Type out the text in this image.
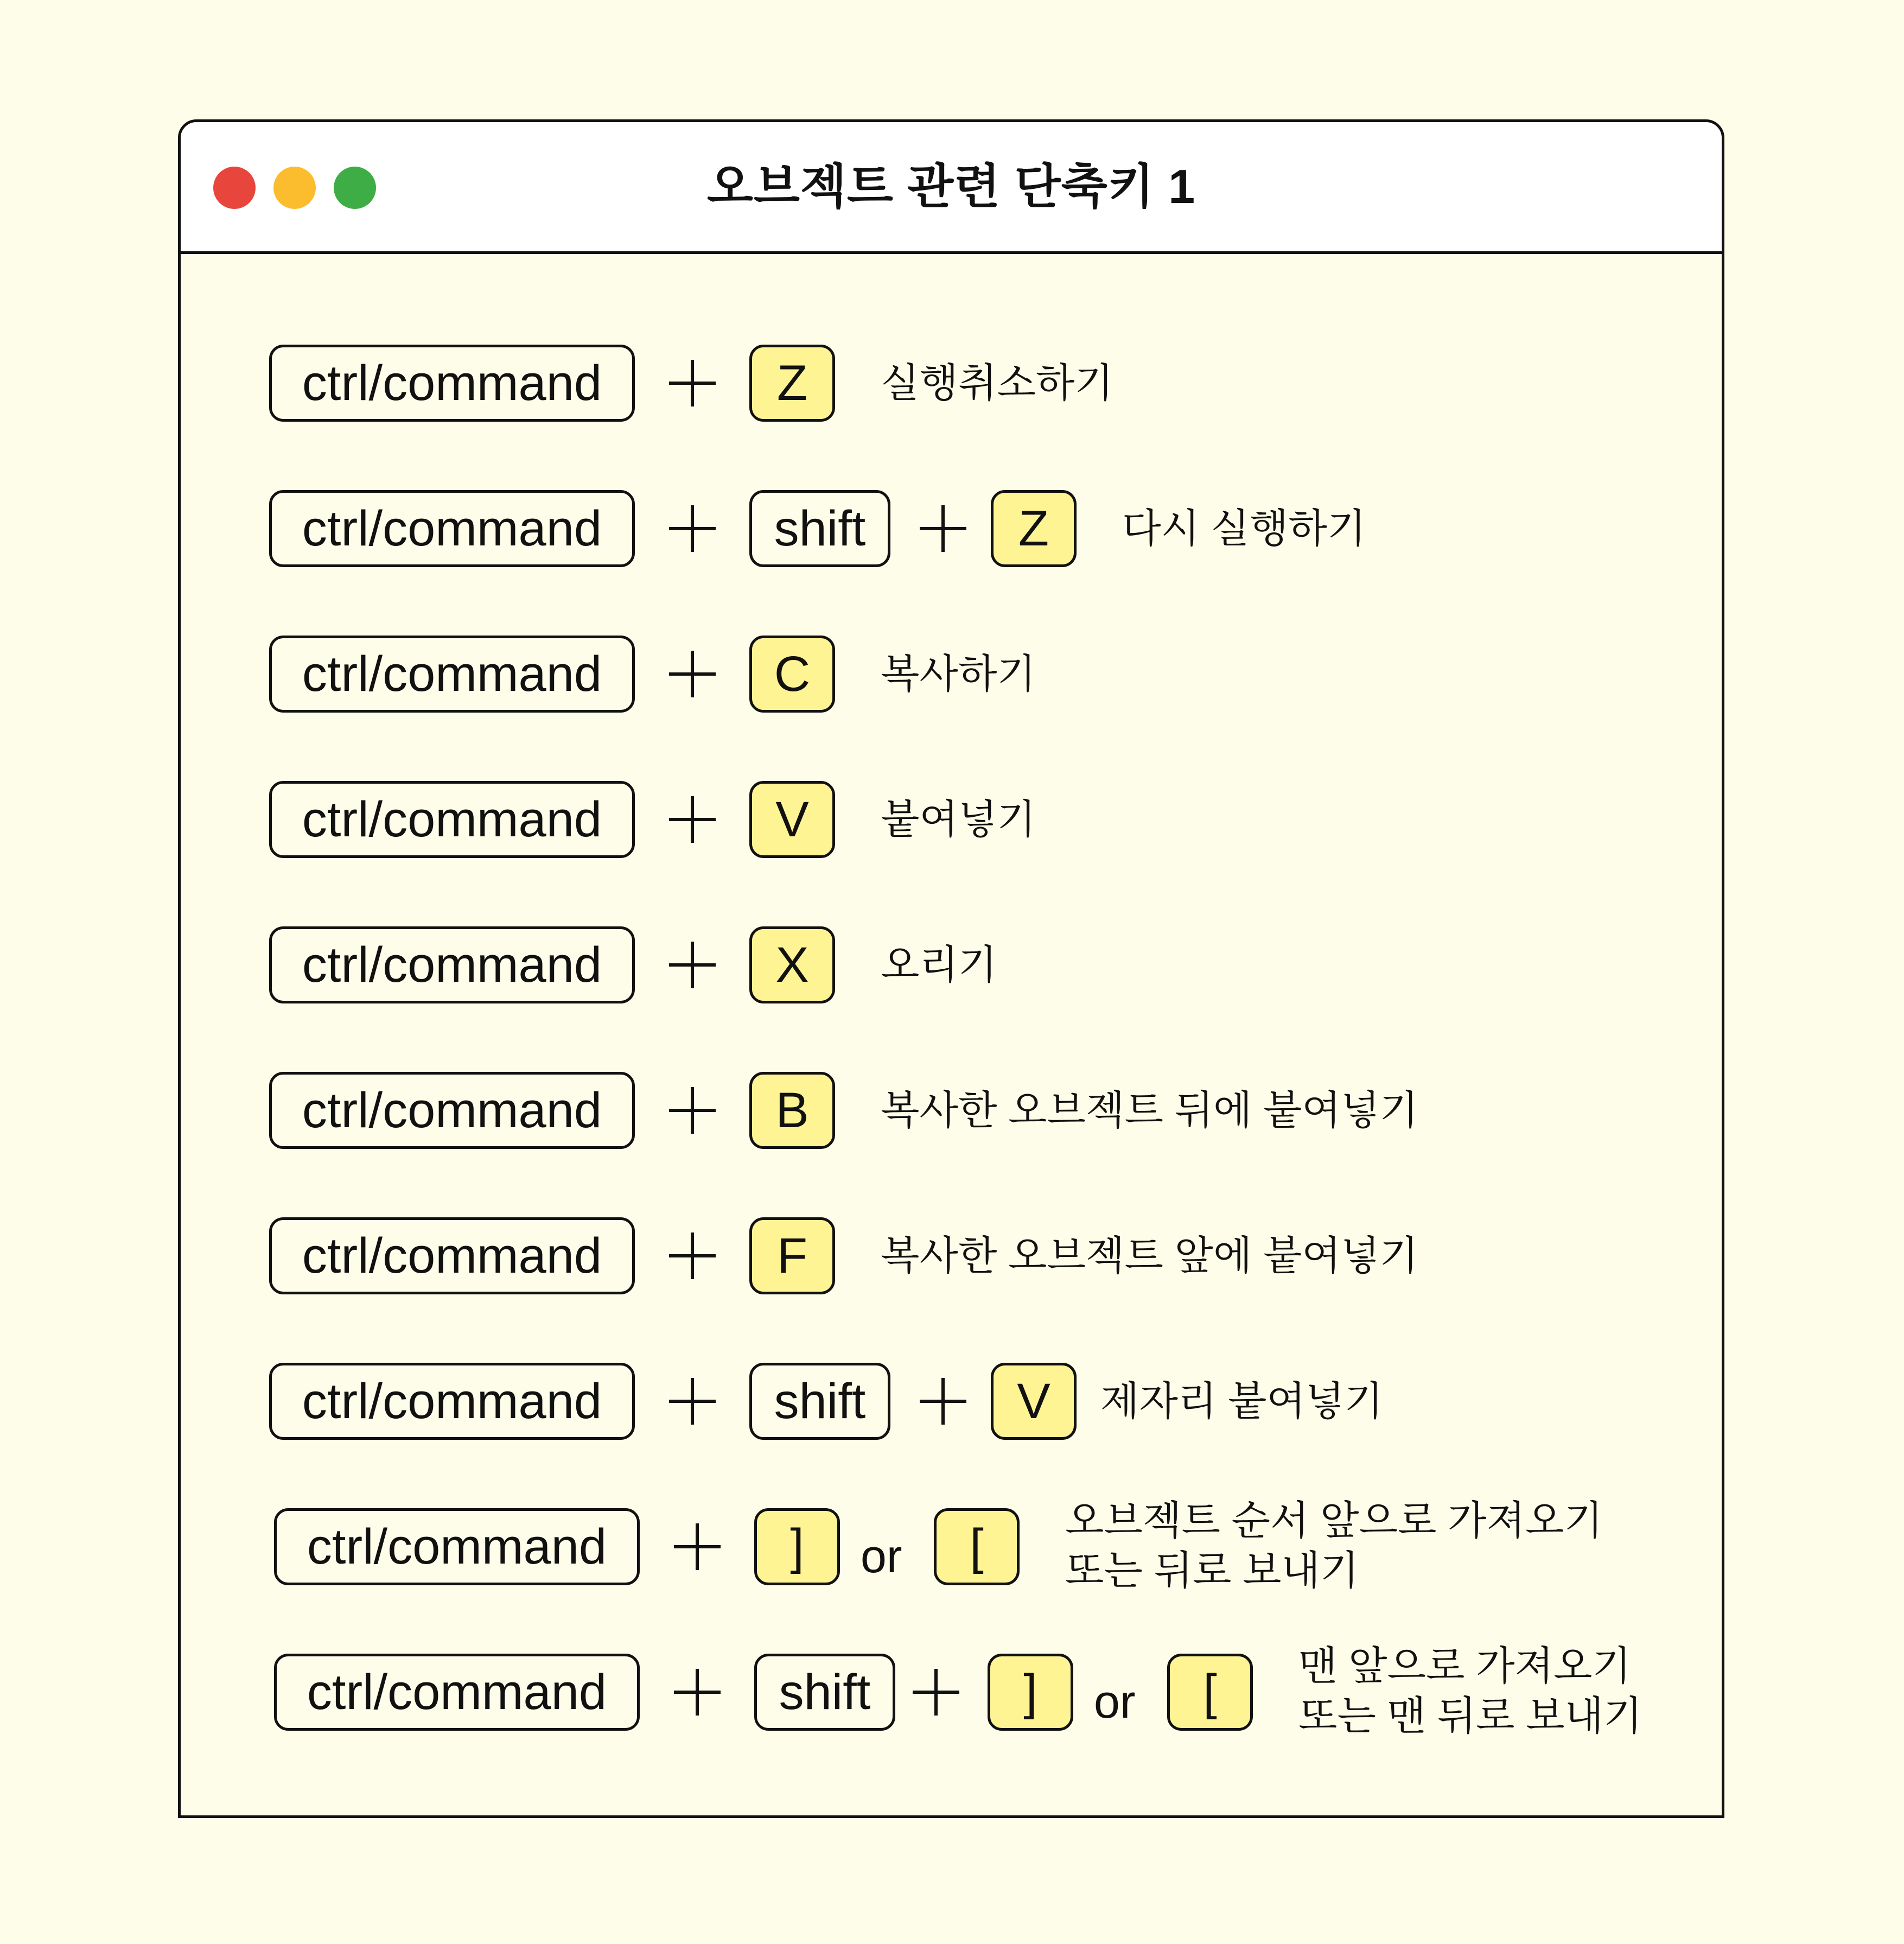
오브젝트 관련 단축키 1
ctrl/command	Z	실행취소하기
ctrl/command	shift	Z	다시 실행하기
ctrl/command	C	복사하기
ctrl/command	V	붙여넣기
ctrl/command	X	오리기
ctrl/command	B	복사한 오브젝트 뒤에 붙여넣기
ctrl/command	F	복사한 오브젝트 앞에 붙여넣기
ctrl/command	shift	V	제자리 붙여넣기
ctrl/command	]	or	[	오브젝트 순서 앞으로 가져오기
또는 뒤로 보내기
ctrl/command	shift	]	or	[	맨 앞으로 가져오기
또는 맨 뒤로 보내기
